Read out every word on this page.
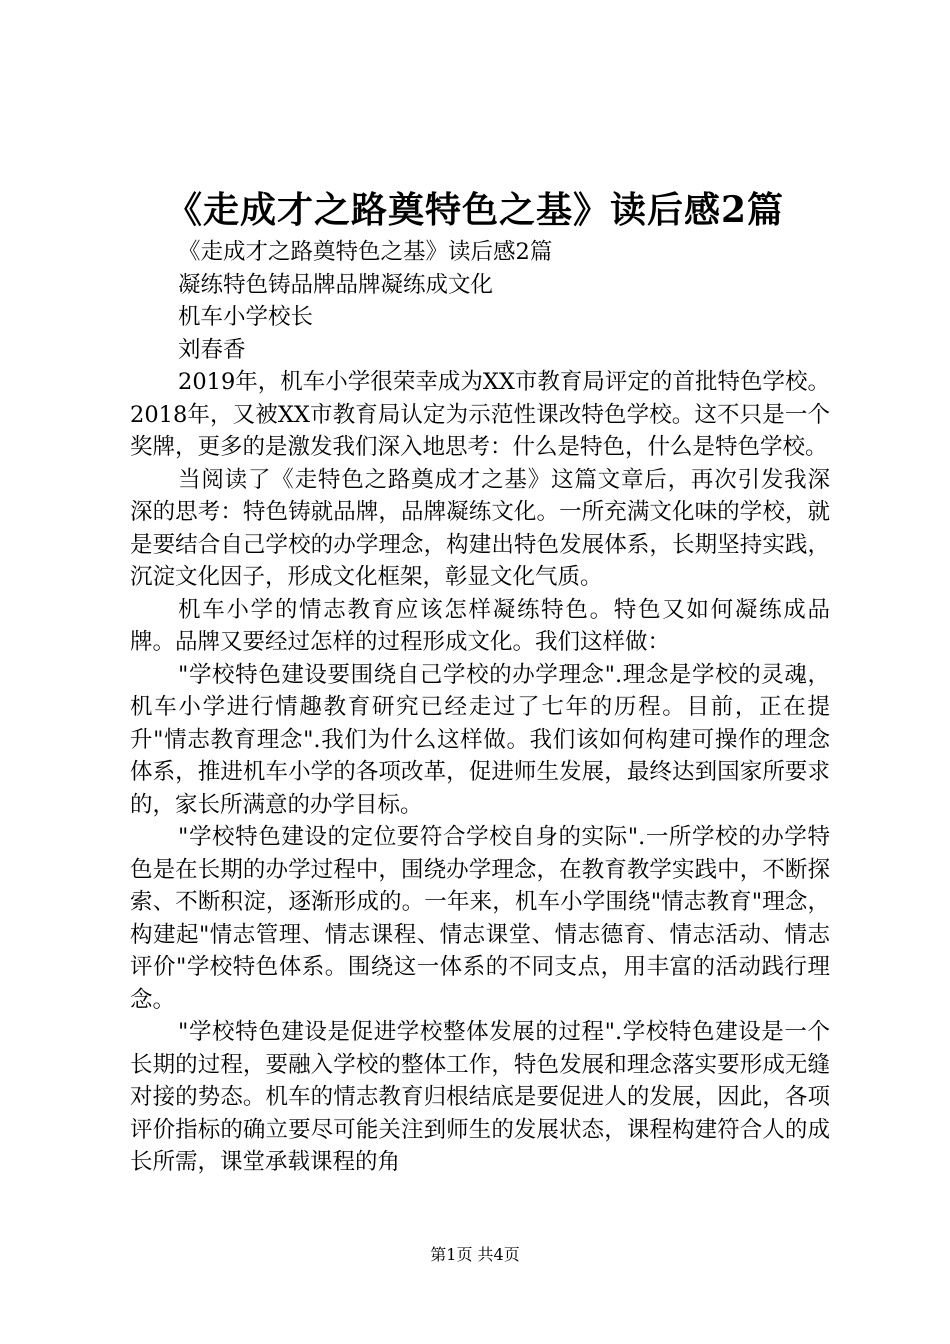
《走成才之路奠特色之基》读后感2篇
《走成才之路奠特色之基》读后感2篇
凝练特色铸品牌品牌凝练成文化
机车小学校长
刘春香

2019年，机车小学很荣幸成为XX市教育局评定的首批特色学校。2018年，又被XX市教育局认定为示范性课改特色学校。这不只是一个奖牌，更多的是激发我们深入地思考：什么是特色，什么是特色学校。

当阅读了《走特色之路奠成才之基》这篇文章后，再次引发我深深的思考：特色铸就品牌，品牌凝练文化。一所充满文化味的学校，就是要结合自己学校的办学理念，构建出特色发展体系，长期坚持实践，沉淀文化因子，形成文化框架，彰显文化气质。

机车小学的情志教育应该怎样凝练特色。特色又如何凝练成品牌。品牌又要经过怎样的过程形成文化。我们这样做：

"学校特色建设要围绕自己学校的办学理念".理念是学校的灵魂，机车小学进行情趣教育研究已经走过了七年的历程。目前，正在提升"情志教育理念".我们为什么这样做。我们该如何构建可操作的理念体系，推进机车小学的各项改革，促进师生发展，最终达到国家所要求的，家长所满意的办学目标。

"学校特色建设的定位要符合学校自身的实际".一所学校的办学特色是在长期的办学过程中，围绕办学理念，在教育教学实践中，不断探索、不断积淀，逐渐形成的。一年来，机车小学围绕"情志教育"理念，构建起"情志管理、情志课程、情志课堂、情志德育、情志活动、情志评价"学校特色体系。围绕这一体系的不同支点，用丰富的活动践行理念。

"学校特色建设是促进学校整体发展的过程".学校特色建设是一个长期的过程，要融入学校的整体工作，特色发展和理念落实要形成无缝对接的势态。机车的情志教育归根结底是要促进人的发展，因此，各项评价指标的确立要尽可能关注到师生的发展状态，课程构建符合人的成长所需，课堂承载课程的角

第1页 共4页
